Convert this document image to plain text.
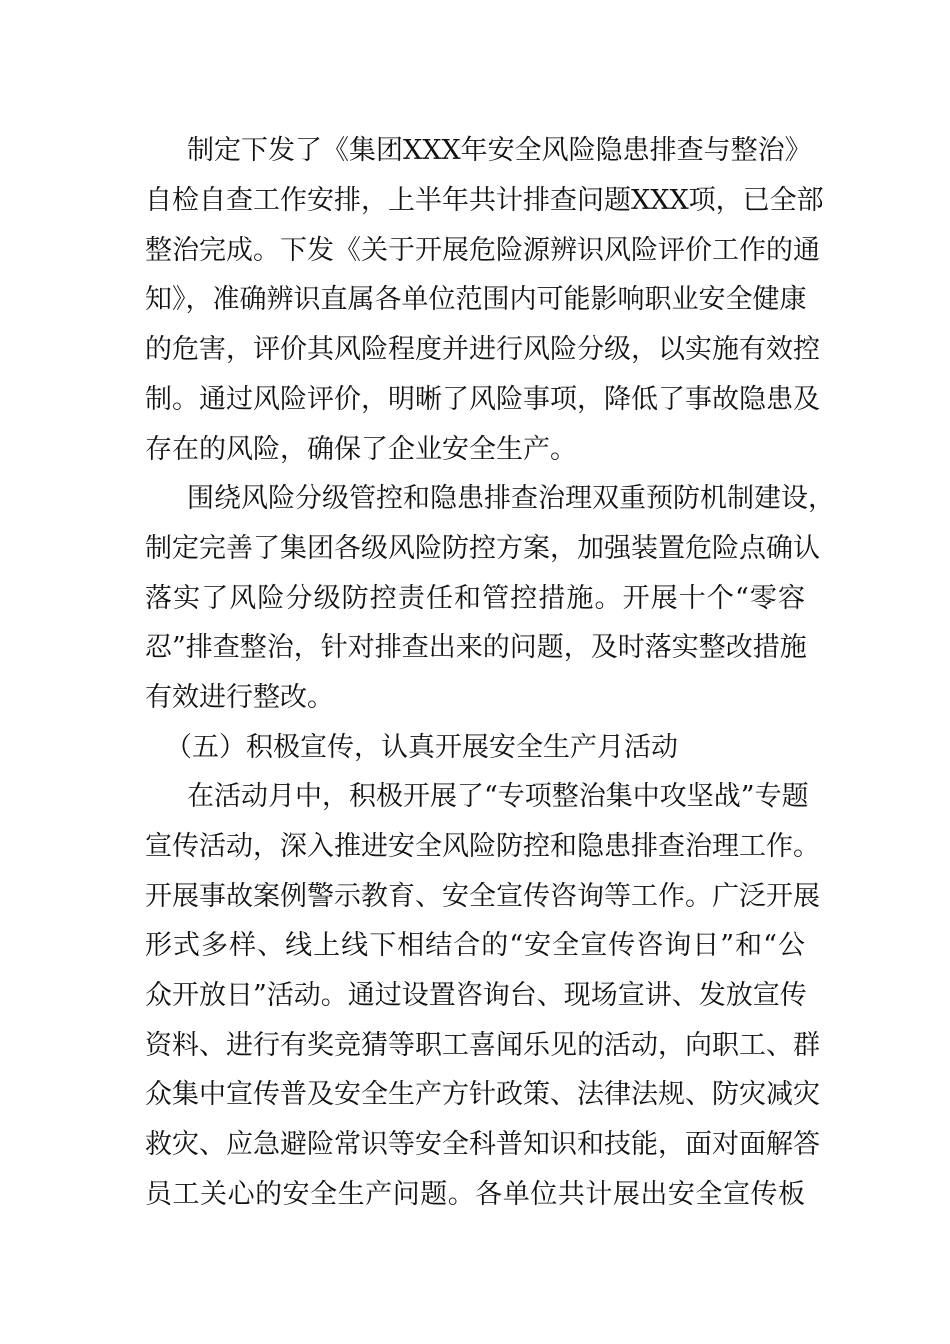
制定下发了《集团XXX年安全风险隐患排查与整治》
自检自查工作安排，上半年共计排查问题XXX项，已全部
整治完成。下发《关于开展危险源辨识风险评价工作的通
知》，准确辨识直属各单位范围内可能影响职业安全健康
的危害，评价其风险程度并进行风险分级，以实施有效控
制。通过风险评价，明晰了风险事项，降低了事故隐患及
存在的风险，确保了企业安全生产。
围绕风险分级管控和隐患排查治理双重预防机制建设，
制定完善了集团各级风险防控方案，加强装置危险点确认
落实了风险分级防控责任和管控措施。开展十个“零容
忍”排查整治，针对排查出来的问题，及时落实整改措施
有效进行整改。
（五）积极宣传，认真开展安全生产月活动
在活动月中，积极开展了“专项整治集中攻坚战”专题
宣传活动，深入推进安全风险防控和隐患排查治理工作。
开展事故案例警示教育、安全宣传咨询等工作。广泛开展
形式多样、线上线下相结合的“安全宣传咨询日”和“公
众开放日”活动。通过设置咨询台、现场宣讲、发放宣传
资料、进行有奖竞猜等职工喜闻乐见的活动，向职工、群
众集中宣传普及安全生产方针政策、法律法规、防灾减灾
救灾、应急避险常识等安全科普知识和技能，面对面解答
员工关心的安全生产问题。各单位共计展出安全宣传板
